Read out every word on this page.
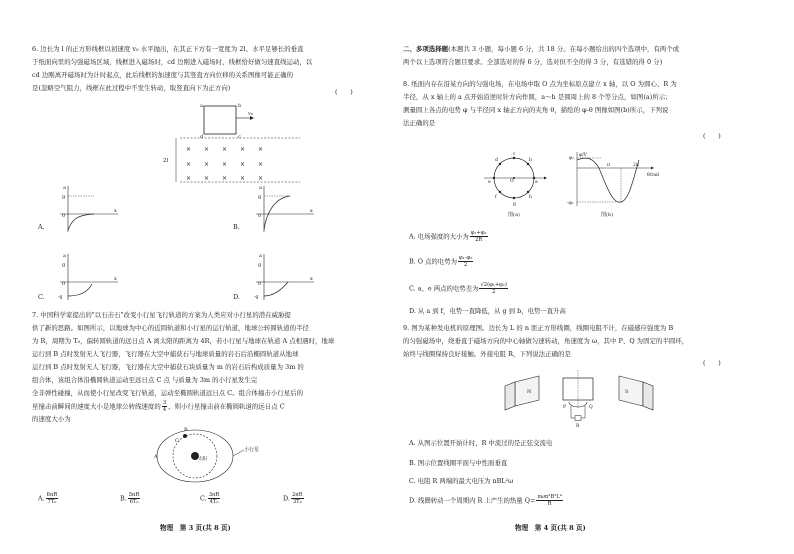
6. 边长为 l 的正方形线框以初速度 v₀ 水平抛出，在其正下方有一宽度为 2l、水平足够长的垂直
于纸面向里的匀强磁场区域，线框进入磁场时，cd 边刚进入磁场时，线框恰好做匀速直线运动，以
cd 边刚离开磁场时为计时起点，此后线框的加速度与其竖直方向位移的关系图像可能正确的
是(忽略空气阻力，线框在此过程中不发生转动，取竖直向下为正方向)	(　　)
a	b
d	c
v₀
2l
× × × × ×
× × × × ×
× × × × ×
A.
a
g
0
x
B.
a
g
0
x
C.
a
g
0
x
-g	D.
a
g
0
x
-g
7. 中国科学家提出的"以石击石"改变小行星飞行轨道的方案为人类应对小行星的潜在威胁提
供了新的思路。如图所示，以地球为中心的近圆轨道和小行星的运行轨道，地球公转圆轨道的半径
为 R，周期为 T₀，偏转圆轨道的远日点 A 离太阳的距离为 4R，若小行星与地球在轨道 A 点相遇时，地球
运行到 B 点时发射无人飞行器，飞行器在大空中捕获石与地球质量的岩石后沿椭圆轨道从地球
运行到 B 点时发射无人飞行器，飞行器在大空中捕获石块质量为 m 的岩石后构成质量为 3m 的
组合体，该组合体沿椭圆轨道运动至远日点 C 点 与质量为 3m 的小行星发生完
全非弹性碰撞，从而使小行星改变飞行轨道，运动至椭圆轨道远日点 C。组合体撞击小行星后的
星撞击前瞬间的速度大小是地球公转线速度的 $\frac{3}{4}$ ，则小行星撞击前在椭圆轨道的远日点 C
的速度大小为
B
C
A	太阳
小行星
A. $\frac{6\pi R}{\text{7T₀}}$	B. $\frac{5\pi R}{\text{6T₀}}$	C. $\frac{3\pi R}{\text{4T₀}}$	D. $\frac{2\pi R}{\text{3T₀}}$
物理　第 3 页(共 8 页)
二、多项选择题(本题共 3 小题，每小题 6 分，共 18 分。在每小题给出的四个选项中，有两个或
两个以上选项符合题目要求。全部选对的得 6 分，选对但不全的得 3 分，有选错的得 0 分)
8. 纸面内存在沿某方向的匀强电场，在电场中取 O 点为坐标原点建立 x 轴，以 O 为圆心、R 为
半径，从 x 轴上的 a 点开始沿逆时针方向作圆，a～h 是圆周上的 8 个等分点，如图(a)所示；
测量圆上各点的电势 φ 与半径同 x 轴正方向的夹角 θ，描绘的 φ-θ 图像如图(b)所示，下列说
法正确的是
(　　)
a
b
c
d
e
f
g
h
O
图(a)
φ/V
θ/rad
φ₁
-φ₂
π	2π
图(b)
A. 电场强度的大小为 $\frac{\text{φ₁+φ₂}}{2R}$
B. O 点的电势为 $\frac{\text{φ₁-φ₂}}{2}$
C. a、e 两点的电势差为 $\frac{\text{√2(φ₁+φ₂)}}{2}$
D. 从 a 到 f，电势一直降低，从 g 到 b，电势一直升高
9. 图为某种发电机的原理图。边长为 L 的 n 匝正方形线圈，线圈电阻不计，在磁感应强度为 B
的匀强磁场中，绕垂直于磁场方向的中心轴做匀速转动，角速度为 ω，其中 P、Q 为固定的半圆环，
始终与线圈保持良好接触。外接电阻 R，下列说法正确的是
(　　)
N	S
P	Q
R
A. 从图示位置开始计时，R 中流过的是正弦交流电
B. 图示位置线圈平面与中性面垂直
C. 电阻 R 两端的最大电压为 nBL²ω
D. 线圈转动一个周期内 R 上产生的热量 $Q= \frac{\text{πωn²B²L⁴}}{R}$
物理　第 4 页(共 8 页)
